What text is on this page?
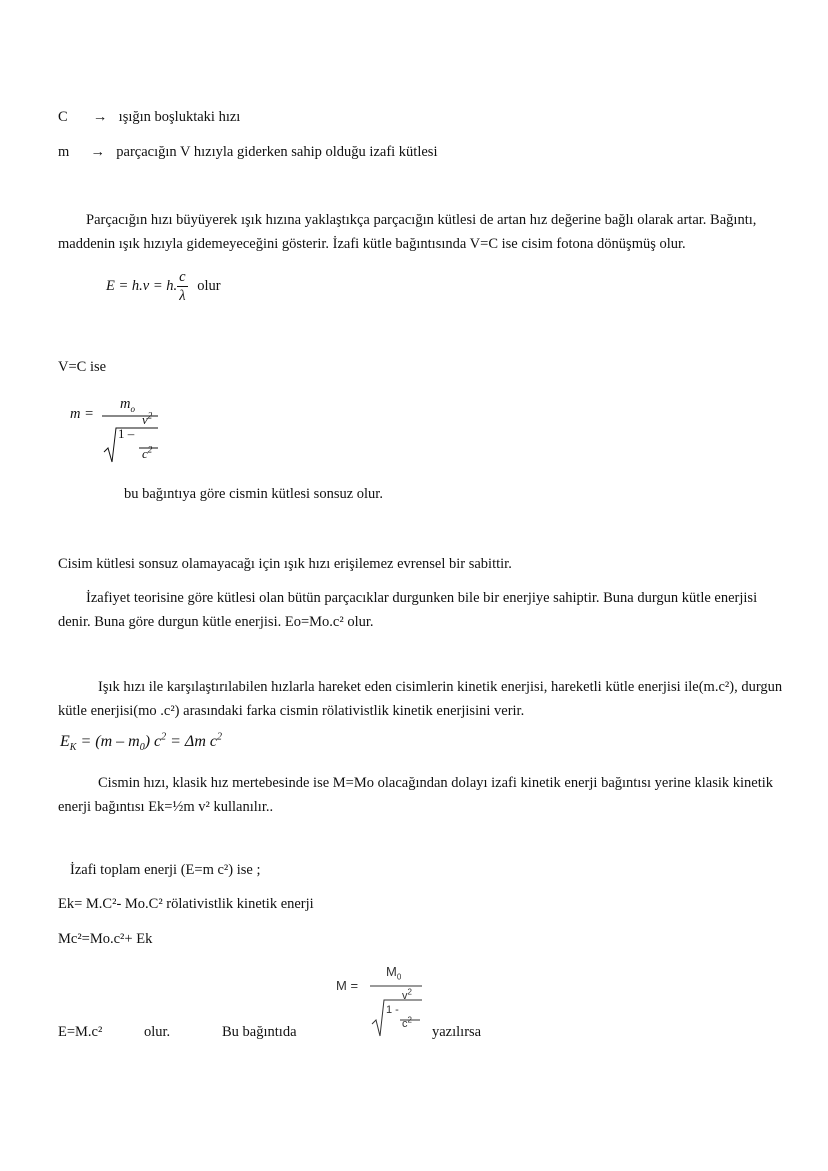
C → ışığın boşluktaki hızı
m → parçacığın V hızıyla giderken sahip olduğu izafi kütlesi
Parçacığın hızı büyüyerek ışık hızına yaklaştıkça parçacığın kütlesi de artan hız değerine bağlı olarak artar. Bağıntı, maddenin ışık hızıyla gidemeyeceğini gösterir. İzafi kütle bağıntısında V=C ise cisim fotona dönüşmüş olur.
E = h.ν = h. $\frac{c}{\lambda}$ olur
V=C ise
m =
$m_o$
1 –
$v^2$
$c^2$
bu bağıntıya göre cismin kütlesi sonsuz olur.
Cisim kütlesi sonsuz olamayacağı için ışık hızı erişilemez evrensel bir sabittir.
İzafiyet teorisine göre kütlesi olan bütün parçacıklar durgunken bile bir enerjiye sahiptir. Buna durgun kütle enerjisi denir. Buna göre durgun kütle enerjisi. Eo=Mo.c² olur.
Işık hızı ile karşılaştırılabilen hızlarla hareket eden cisimlerin kinetik enerjisi, hareketli kütle enerjisi ile(m.c²), durgun kütle enerjisi(mo .c²) arasındaki farka cismin rölativistlik kinetik enerjisini verir.
$E_K = (m - m_0) c^2 = \Delta m$ $c^2$
Cismin hızı, klasik hız mertebesinde ise M=Mo olacağından dolayı izafi kinetik enerji bağıntısı yerine klasik kinetik enerji bağıntısı Ek=½m v² kullanılır..
İzafi toplam enerji (E=m c²) ise ;
Ek= M.C²- Mo.C² rölativistlik kinetik enerji
Mc²=Mo.c²+ Ek
E=M.c²	olur.	Bu bağıntıda	yazılırsa
M =
$M_0$
1 -
$v^2$
$c^2$
